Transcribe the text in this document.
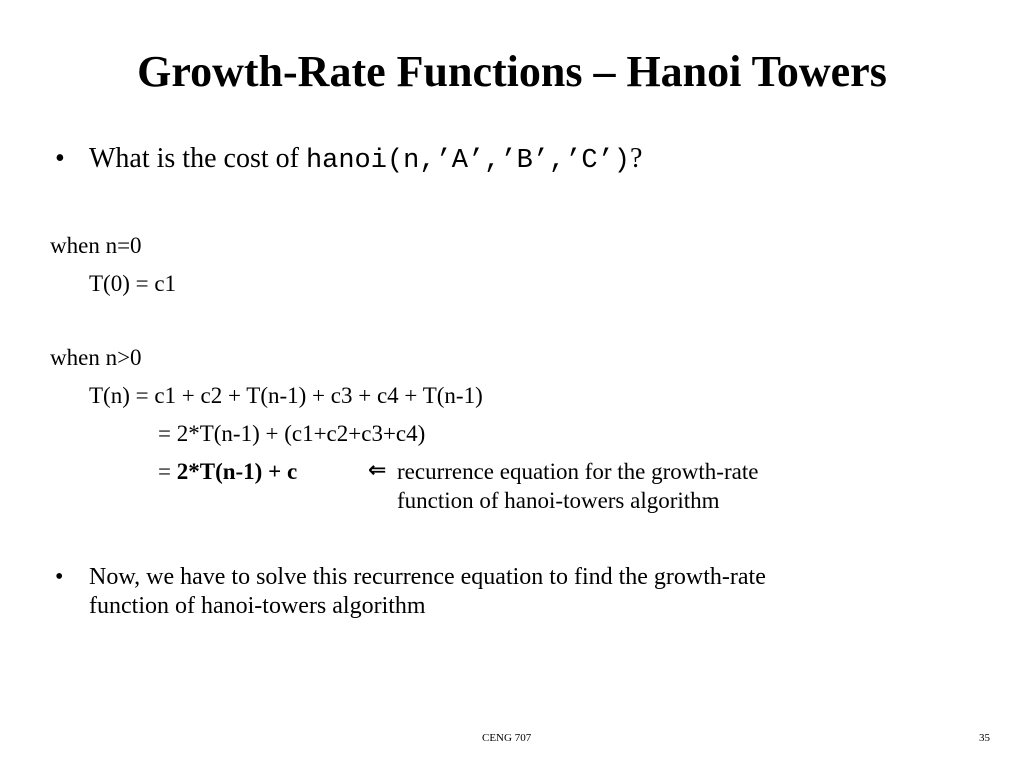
Growth-Rate Functions – Hanoi Towers
• What is the cost of hanoi(n,’A’,’B’,’C’)?
when n=0
T(0) = c1
when n>0
T(n) = c1 + c2 + T(n-1) + c3 + c4 + T(n-1)
= 2*T(n-1) + (c1+c2+c3+c4)
= 2*T(n-1) + c	⇐ recurrence equation for the growth-rate
function of hanoi-towers algorithm
• Now, we have to solve this recurrence equation to find the growth-rate
function of hanoi-towers algorithm
CENG 707	35
